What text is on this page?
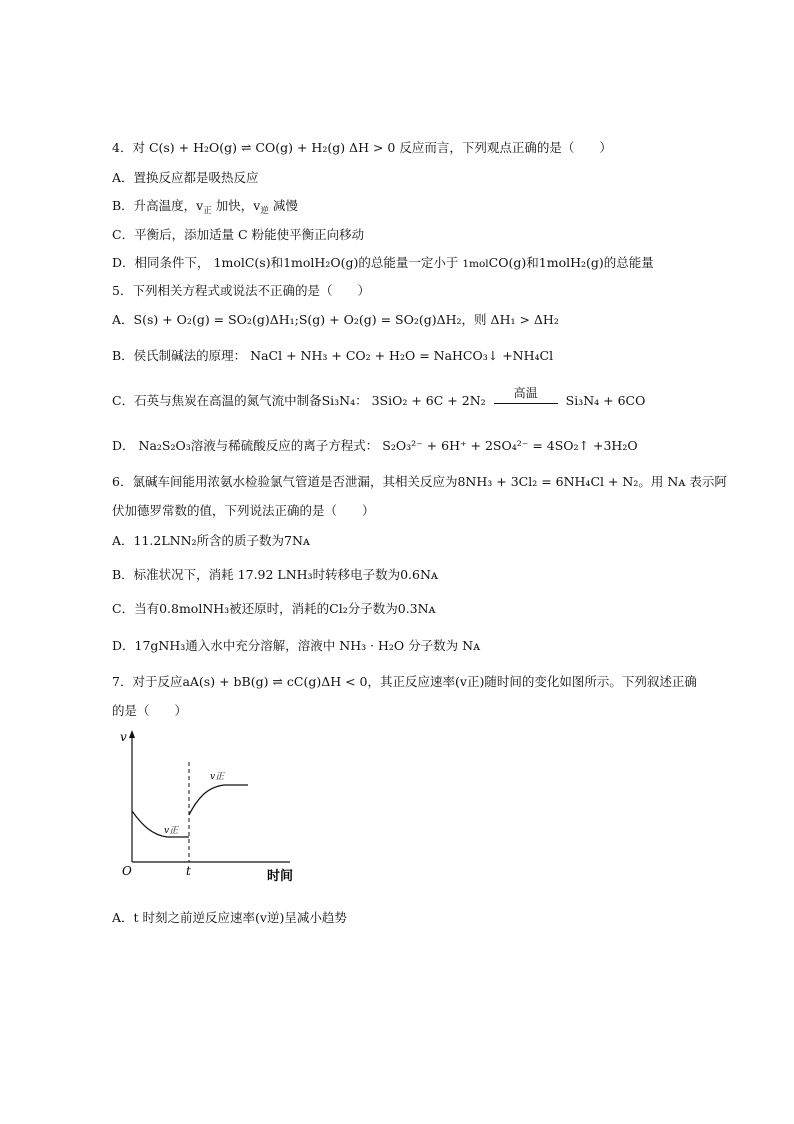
4．对 C(s) + H₂O(g) ⇌ CO(g) + H₂(g) ΔH > 0 反应而言，下列观点正确的是（　　）
A．置换反应都是吸热反应
B．升高温度，$v_正$ 加快，$v_逆$ 减慢
C．平衡后，添加适量 C 粉能使平衡正向移动
D．相同条件下， 1molC(s)和1molH₂O(g)的总能量一定小于 1molCO(g)和1molH₂(g)的总能量
5．下列相关方程式或说法不正确的是（　　）
A．S(s) + O₂(g) = SO₂(g)ΔH₁;S(g) + O₂(g) = SO₂(g)ΔH₂，则 ΔH₁ > ΔH₂
B．侯氏制碱法的原理： NaCl + NH₃ + CO₂ + H₂O = NaHCO₃↓ +NH₄Cl
C．石英与焦炭在高温的氮气流中制备Si₃N₄： 3SiO₂ + 6C + 2N₂
高温
Si₃N₄ + 6CO
D． Na₂S₂O₃溶液与稀硫酸反应的离子方程式： S₂O₃²⁻ + 6H⁺ + 2SO₄²⁻ = 4SO₂↑ +3H₂O
6．氯碱车间能用浓氨水检验氯气管道是否泄漏，其相关反应为8NH₃ + 3Cl₂ = 6NH₄Cl + N₂。用 Nᴀ 表示阿
伏加德罗常数的值，下列说法正确的是（　　）
A．11.2LNN₂所含的质子数为7Nᴀ
B．标准状况下，消耗 17.92 LNH₃时转移电子数为0.6Nᴀ
C．当有0.8molNH₃被还原时，消耗的Cl₂分子数为0.3Nᴀ
D．17gNH₃通入水中充分溶解，溶液中 NH₃ · H₂O 分子数为 Nᴀ
7．对于反应aA(s) + bB(g) ⇌ cC(g)ΔH < 0，其正反应速率(v正)随时间的变化如图所示。下列叙述正确
的是（　　）
v
O	t	时间
v正
v正
A．t 时刻之前逆反应速率(v逆)呈减小趋势
